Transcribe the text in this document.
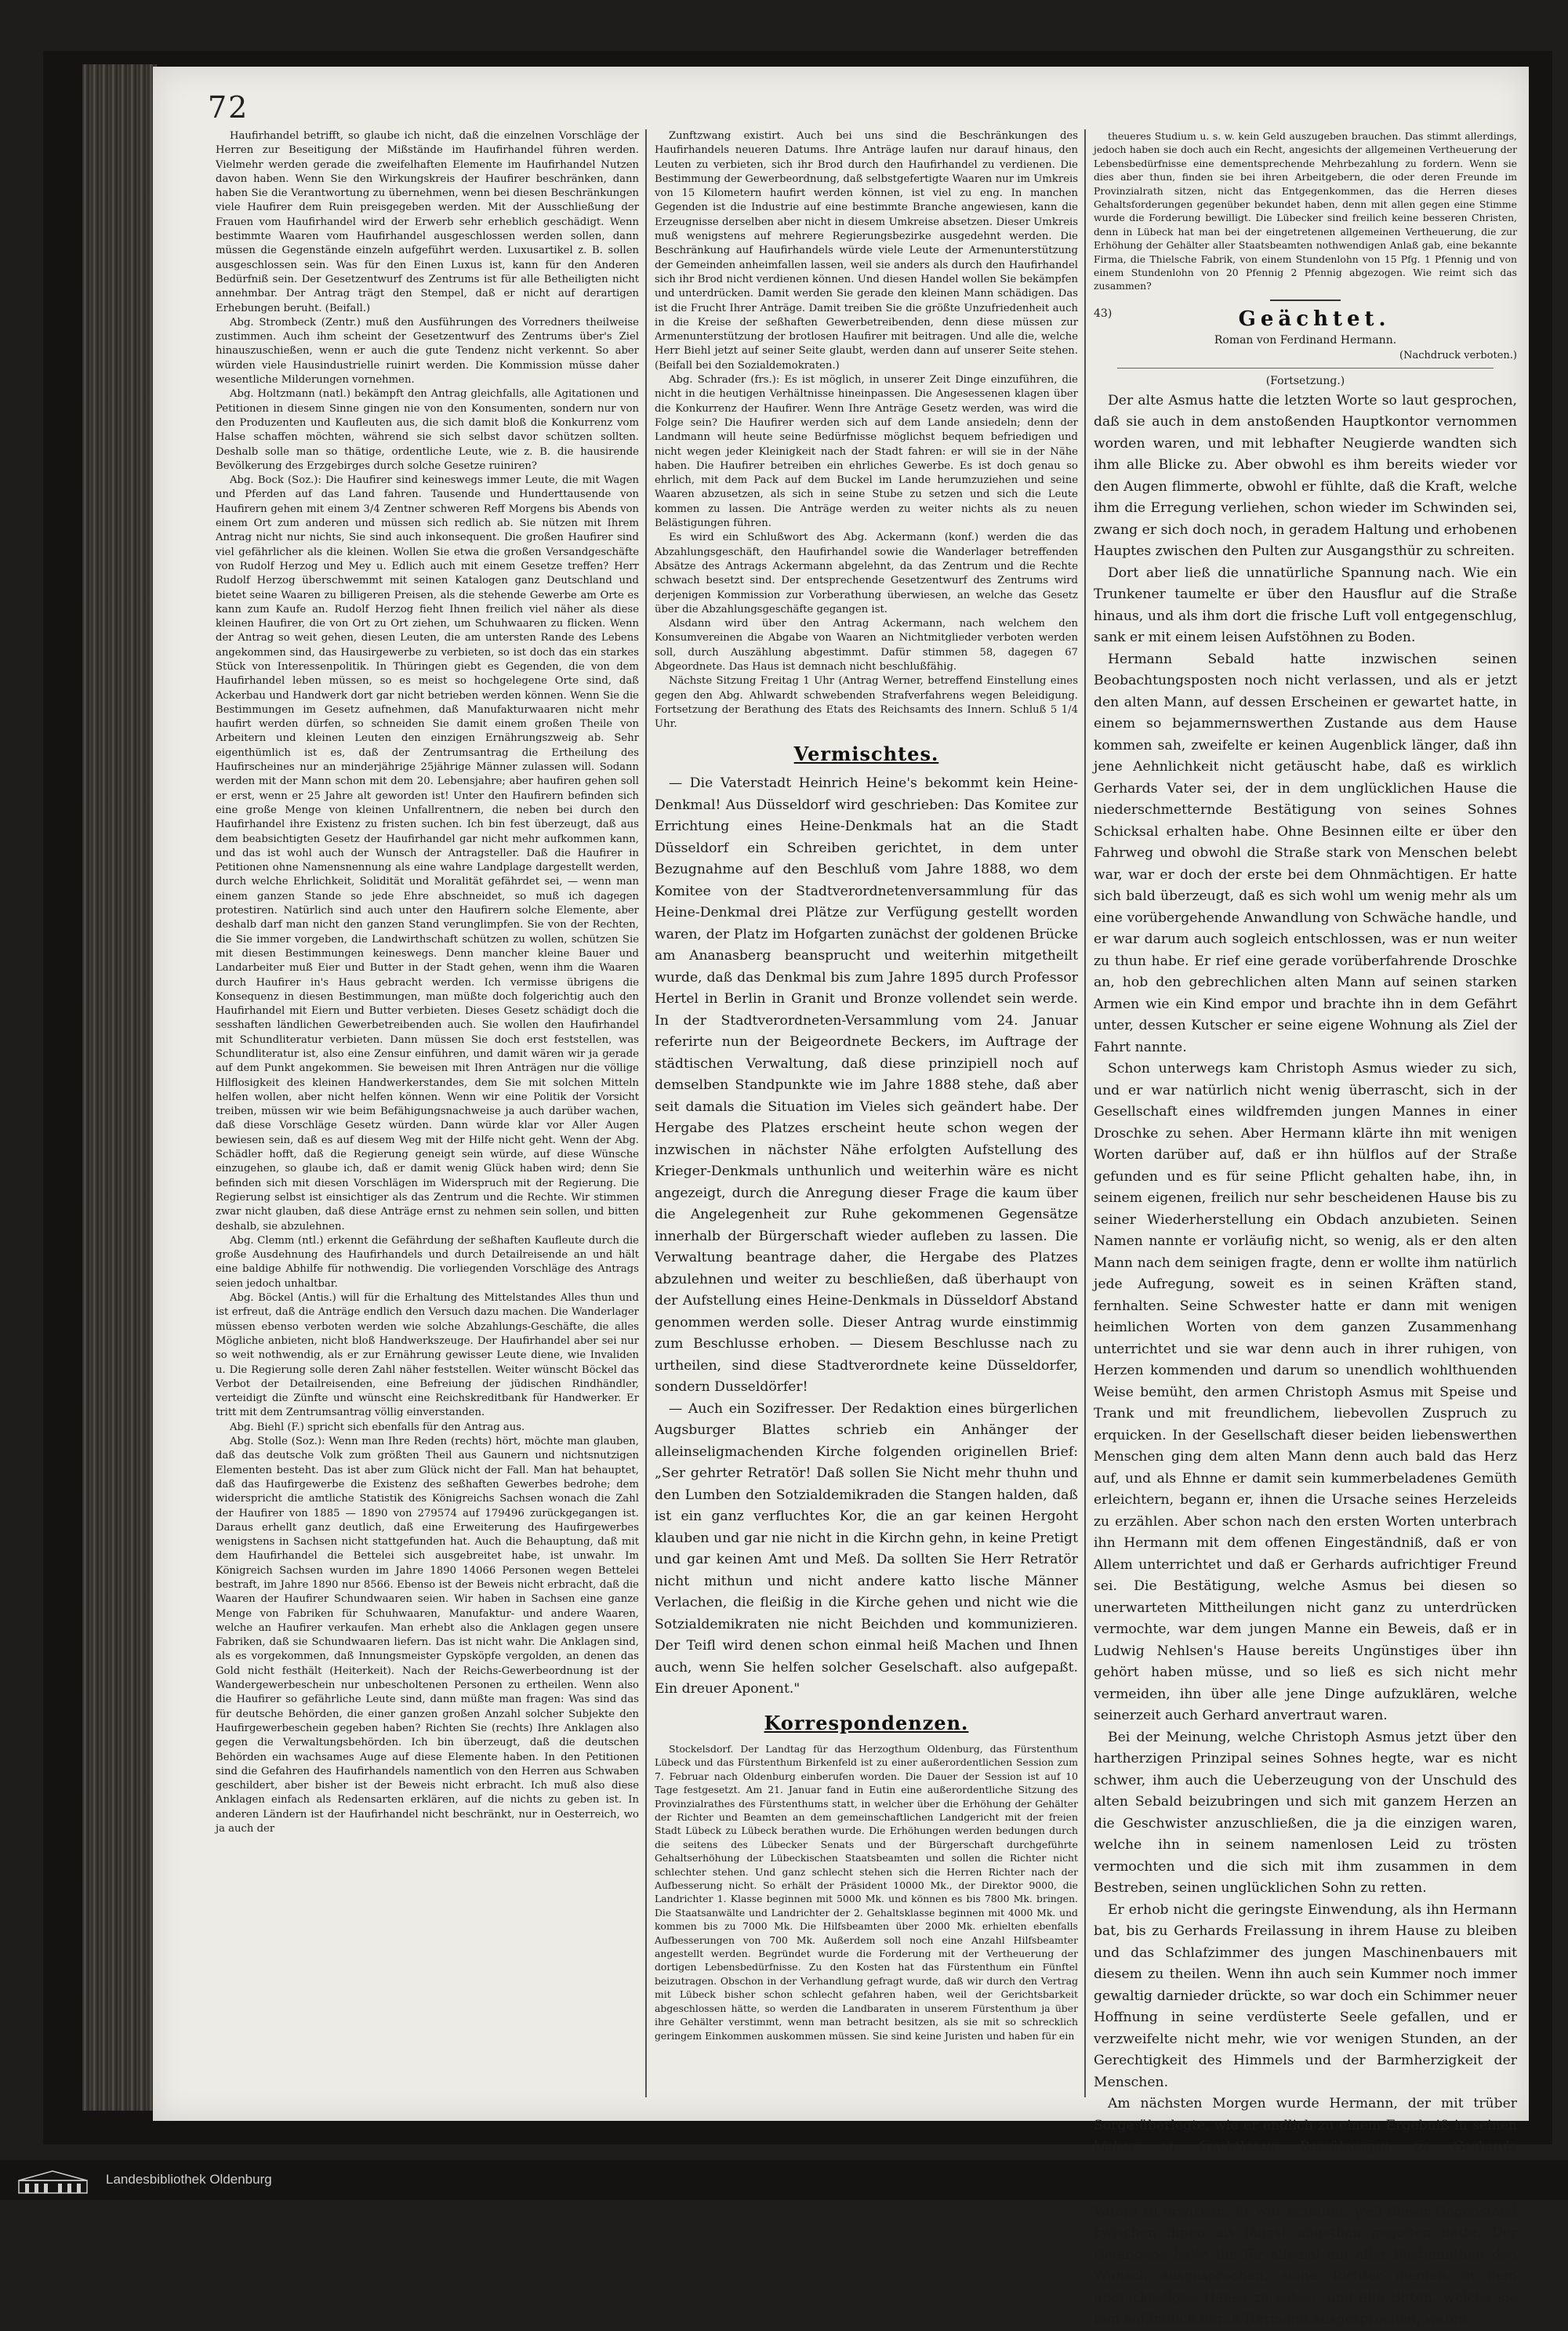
72

Haufirhandel betrifft, so glaube ich nicht, daß die einzelnen Vorschläge der Herren zur Beseitigung der Mißstände im Haufirhandel führen werden. Vielmehr werden gerade die zweifelhaften Elemente im Haufirhandel Nutzen davon haben. Wenn Sie den Wirkungskreis der Haufirer beschränken, dann haben Sie die Verantwortung zu übernehmen, wenn bei diesen Beschränkungen viele Haufirer dem Ruin preisgegeben werden. Mit der Ausschließung der Frauen vom Haufirhandel wird der Erwerb sehr erheblich geschädigt. Wenn bestimmte Waaren vom Haufirhandel ausgeschlossen werden sollen, dann müssen die Gegenstände einzeln aufgeführt werden. Luxusartikel z. B. sollen ausgeschlossen sein. Was für den Einen Luxus ist, kann für den Anderen Bedürfniß sein. Der Gesetzentwurf des Zentrums ist für alle Betheiligten nicht annehmbar. Der Antrag trägt den Stempel, daß er nicht auf derartigen Erhebungen beruht. (Beifall.)

Abg. Strombeck (Zentr.) muß den Ausführungen des Vorredners theilweise zustimmen. Auch ihm scheint der Gesetzentwurf des Zentrums über's Ziel hinauszuschießen, wenn er auch die gute Tendenz nicht verkennt. So aber würden viele Hausindustrielle ruinirt werden. Die Kommission müsse daher wesentliche Milderungen vornehmen.

Abg. Holtzmann (natl.) bekämpft den Antrag gleichfalls, alle Agitationen und Petitionen in diesem Sinne gingen nie von den Konsumenten, sondern nur von den Produzenten und Kaufleuten aus, die sich damit bloß die Konkurrenz vom Halse schaffen möchten, während sie sich selbst davor schützen sollten. Deshalb solle man so thätige, ordentliche Leute, wie z. B. die hausirende Bevölkerung des Erzgebirges durch solche Gesetze ruiniren?

Abg. Bock (Soz.): Die Haufirer sind keineswegs immer Leute, die mit Wagen und Pferden auf das Land fahren. Tausende und Hunderttausende von Haufirern gehen mit einem 3/4 Zentner schweren Reff Morgens bis Abends von einem Ort zum anderen und müssen sich redlich ab. Sie nützen mit Ihrem Antrag nicht nur nichts, Sie sind auch inkonsequent. Die großen Haufirer sind viel gefährlicher als die kleinen. Wollen Sie etwa die großen Versandgeschäfte von Rudolf Herzog und Mey u. Edlich auch mit einem Gesetze treffen? Herr Rudolf Herzog überschwemmt mit seinen Katalogen ganz Deutschland und bietet seine Waaren zu billigeren Preisen, als die stehende Gewerbe am Orte es kann zum Kaufe an. Rudolf Herzog fieht Ihnen freilich viel näher als diese kleinen Haufirer, die von Ort zu Ort ziehen, um Schuhwaaren zu flicken. Wenn der Antrag so weit gehen, diesen Leuten, die am untersten Rande des Lebens angekommen sind, das Hausirgewerbe zu verbieten, so ist doch das ein starkes Stück von Interessenpolitik. In Thüringen giebt es Gegenden, die von dem Haufirhandel leben müssen, so es meist so hochgelegene Orte sind, daß Ackerbau und Handwerk dort gar nicht betrieben werden können. Wenn Sie die Bestimmungen im Gesetz aufnehmen, daß Manufakturwaaren nicht mehr haufirt werden dürfen, so schneiden Sie damit einem großen Theile von Arbeitern und kleinen Leuten den einzigen Ernährungszweig ab. Sehr eigenthümlich ist es, daß der Zentrumsantrag die Ertheilung des Haufirscheines nur an minderjährige 25jährige Männer zulassen will. Sodann werden mit der Mann schon mit dem 20. Lebensjahre; aber haufiren gehen soll er erst, wenn er 25 Jahre alt geworden ist! Unter den Haufirern befinden sich eine große Menge von kleinen Unfallrentnern, die neben bei durch den Haufirhandel ihre Existenz zu fristen suchen. Ich bin fest überzeugt, daß aus dem beabsichtigten Gesetz der Haufirhandel gar nicht mehr aufkommen kann, und das ist wohl auch der Wunsch der Antragsteller. Daß die Haufirer in Petitionen ohne Namensnennung als eine wahre Landplage dargestellt werden, durch welche Ehrlichkeit, Solidität und Moralität gefährdet sei, — wenn man einem ganzen Stande so jede Ehre abschneidet, so muß ich dagegen protestiren. Natürlich sind auch unter den Haufirern solche Elemente, aber deshalb darf man nicht den ganzen Stand verunglimpfen. Sie von der Rechten, die Sie immer vorgeben, die Landwirthschaft schützen zu wollen, schützen Sie mit diesen Bestimmungen keineswegs. Denn mancher kleine Bauer und Landarbeiter muß Eier und Butter in der Stadt gehen, wenn ihm die Waaren durch Haufirer in's Haus gebracht werden. Ich vermisse übrigens die Konsequenz in diesen Bestimmungen, man müßte doch folgerichtig auch den Haufirhandel mit Eiern und Butter verbieten. Dieses Gesetz schädigt doch die sesshaften ländlichen Gewerbetreibenden auch. Sie wollen den Haufirhandel mit Schundliteratur verbieten. Dann müssen Sie doch erst feststellen, was Schundliteratur ist, also eine Zensur einführen, und damit wären wir ja gerade auf dem Punkt angekommen. Sie beweisen mit Ihren Anträgen nur die völlige Hilflosigkeit des kleinen Handwerkerstandes, dem Sie mit solchen Mitteln helfen wollen, aber nicht helfen können. Wenn wir eine Politik der Vorsicht treiben, müssen wir wie beim Befähigungsnachweise ja auch darüber wachen, daß diese Vorschläge Gesetz würden. Dann würde klar vor Aller Augen bewiesen sein, daß es auf diesem Weg mit der Hilfe nicht geht. Wenn der Abg. Schädler hofft, daß die Regierung geneigt sein würde, auf diese Wünsche einzugehen, so glaube ich, daß er damit wenig Glück haben wird; denn Sie befinden sich mit diesen Vorschlägen im Widerspruch mit der Regierung. Die Regierung selbst ist einsichtiger als das Zentrum und die Rechte. Wir stimmen zwar nicht glauben, daß diese Anträge ernst zu nehmen sein sollen, und bitten deshalb, sie abzulehnen.

Abg. Clemm (ntl.) erkennt die Gefährdung der seßhaften Kaufleute durch die große Ausdehnung des Haufirhandels und durch Detailreisende an und hält eine baldige Abhilfe für nothwendig. Die vorliegenden Vorschläge des Antrags seien jedoch unhaltbar.

Abg. Böckel (Antis.) will für die Erhaltung des Mittelstandes Alles thun und ist erfreut, daß die Anträge endlich den Versuch dazu machen. Die Wanderlager müssen ebenso verboten werden wie solche Abzahlungs-Geschäfte, die alles Mögliche anbieten, nicht bloß Handwerkszeuge. Der Haufirhandel aber sei nur so weit nothwendig, als er zur Ernährung gewisser Leute diene, wie Invaliden u. Die Regierung solle deren Zahl näher feststellen. Weiter wünscht Böckel das Verbot der Detailreisenden, eine Befreiung der jüdischen Rindhändler, verteidigt die Zünfte und wünscht eine Reichskreditbank für Handwerker. Er tritt mit dem Zentrumsantrag völlig einverstanden.

Abg. Biehl (F.) spricht sich ebenfalls für den Antrag aus.

Abg. Stolle (Soz.): Wenn man Ihre Reden (rechts) hört, möchte man glauben, daß das deutsche Volk zum größten Theil aus Gaunern und nichtsnutzigen Elementen besteht. Das ist aber zum Glück nicht der Fall. Man hat behauptet, daß das Haufirgewerbe die Existenz des seßhaften Gewerbes bedrohe; dem widerspricht die amtliche Statistik des Königreichs Sachsen wonach die Zahl der Haufirer von 1885 — 1890 von 279574 auf 179496 zurückgegangen ist. Daraus erhellt ganz deutlich, daß eine Erweiterung des Haufirgewerbes wenigstens in Sachsen nicht stattgefunden hat. Auch die Behauptung, daß mit dem Haufirhandel die Bettelei sich ausgebreitet habe, ist unwahr. Im Königreich Sachsen wurden im Jahre 1890 14066 Personen wegen Bettelei bestraft, im Jahre 1890 nur 8566. Ebenso ist der Beweis nicht erbracht, daß die Waaren der Haufirer Schundwaaren seien. Wir haben in Sachsen eine ganze Menge von Fabriken für Schuhwaaren, Manufaktur- und andere Waaren, welche an Haufirer verkaufen. Man erhebt also die Anklagen gegen unsere Fabriken, daß sie Schundwaaren liefern. Das ist nicht wahr. Die Anklagen sind, als es vorgekommen, daß Innungsmeister Gypsköpfe vergolden, an denen das Gold nicht festhält (Heiterkeit). Nach der Reichs-Gewerbeordnung ist der Wandergewerbeschein nur unbescholtenen Personen zu ertheilen. Wenn also die Haufirer so gefährliche Leute sind, dann müßte man fragen: Was sind das für deutsche Behörden, die einer ganzen großen Anzahl solcher Subjekte den Haufirgewerbeschein gegeben haben? Richten Sie (rechts) Ihre Anklagen also gegen die Verwaltungsbehörden. Ich bin überzeugt, daß die deutschen Behörden ein wachsames Auge auf diese Elemente haben. In den Petitionen sind die Gefahren des Haufirhandels namentlich von den Herren aus Schwaben geschildert, aber bisher ist der Beweis nicht erbracht. Ich muß also diese Anklagen einfach als Redensarten erklären, auf die nichts zu geben ist. In anderen Ländern ist der Haufirhandel nicht beschränkt, nur in Oesterreich, wo ja auch der

Zunftzwang existirt. Auch bei uns sind die Beschränkungen des Haufirhandels neueren Datums. Ihre Anträge laufen nur darauf hinaus, den Leuten zu verbieten, sich ihr Brod durch den Haufirhandel zu verdienen. Die Bestimmung der Gewerbeordnung, daß selbstgefertigte Waaren nur im Umkreis von 15 Kilometern haufirt werden können, ist viel zu eng. In manchen Gegenden ist die Industrie auf eine bestimmte Branche angewiesen, kann die Erzeugnisse derselben aber nicht in diesem Umkreise absetzen. Dieser Umkreis muß wenigstens auf mehrere Regierungsbezirke ausgedehnt werden. Die Beschränkung auf Haufirhandels würde viele Leute der Armenunterstützung der Gemeinden anheimfallen lassen, weil sie anders als durch den Haufirhandel sich ihr Brod nicht verdienen können. Und diesen Handel wollen Sie bekämpfen und unterdrücken. Damit werden Sie gerade den kleinen Mann schädigen. Das ist die Frucht Ihrer Anträge. Damit treiben Sie die größte Unzufriedenheit auch in die Kreise der seßhaften Gewerbetreibenden, denn diese müssen zur Armenunterstützung der brotlosen Haufirer mit beitragen. Und alle die, welche Herr Biehl jetzt auf seiner Seite glaubt, werden dann auf unserer Seite stehen. (Beifall bei den Sozialdemokraten.)

Abg. Schrader (frs.): Es ist möglich, in unserer Zeit Dinge einzuführen, die nicht in die heutigen Verhältnisse hineinpassen. Die Angesessenen klagen über die Konkurrenz der Haufirer. Wenn Ihre Anträge Gesetz werden, was wird die Folge sein? Die Haufirer werden sich auf dem Lande ansiedeln; denn der Landmann will heute seine Bedürfnisse möglichst bequem befriedigen und nicht wegen jeder Kleinigkeit nach der Stadt fahren: er will sie in der Nähe haben. Die Haufirer betreiben ein ehrliches Gewerbe. Es ist doch genau so ehrlich, mit dem Pack auf dem Buckel im Lande herumzuziehen und seine Waaren abzusetzen, als sich in seine Stube zu setzen und sich die Leute kommen zu lassen. Die Anträge werden zu weiter nichts als zu neuen Belästigungen führen.

Es wird ein Schlußwort des Abg. Ackermann (konf.) werden die das Abzahlungsgeschäft, den Haufirhandel sowie die Wanderlager betreffenden Absätze des Antrags Ackermann abgelehnt, da das Zentrum und die Rechte schwach besetzt sind. Der entsprechende Gesetzentwurf des Zentrums wird derjenigen Kommission zur Vorberathung überwiesen, an welche das Gesetz über die Abzahlungsgeschäfte gegangen ist.

Alsdann wird über den Antrag Ackermann, nach welchem den Konsumvereinen die Abgabe von Waaren an Nichtmitglieder verboten werden soll, durch Auszählung abgestimmt. Dafür stimmen 58, dagegen 67 Abgeordnete. Das Haus ist demnach nicht beschlußfähig.

Nächste Sitzung Freitag 1 Uhr (Antrag Werner, betreffend Einstellung eines gegen den Abg. Ahlwardt schwebenden Strafverfahrens wegen Beleidigung. Fortsetzung der Berathung des Etats des Reichsamts des Innern. Schluß 5 1/4 Uhr.

Vermischtes.

— Die Vaterstadt Heinrich Heine's bekommt kein Heine-Denkmal! Aus Düsseldorf wird geschrieben: Das Komitee zur Errichtung eines Heine-Denkmals hat an die Stadt Düsseldorf ein Schreiben gerichtet, in dem unter Bezugnahme auf den Beschluß vom Jahre 1888, wo dem Komitee von der Stadtverordnetenversammlung für das Heine-Denkmal drei Plätze zur Verfügung gestellt worden waren, der Platz im Hofgarten zunächst der goldenen Brücke am Ananasberg beansprucht und weiterhin mitgetheilt wurde, daß das Denkmal bis zum Jahre 1895 durch Professor Hertel in Berlin in Granit und Bronze vollendet sein werde. In der Stadtverordneten-Versammlung vom 24. Januar referirte nun der Beigeordnete Beckers, im Auftrage der städtischen Verwaltung, daß diese prinzipiell noch auf demselben Standpunkte wie im Jahre 1888 stehe, daß aber seit damals die Situation im Vieles sich geändert habe. Der Hergabe des Platzes erscheint heute schon wegen der inzwischen in nächster Nähe erfolgten Aufstellung des Krieger-Denkmals unthunlich und weiterhin wäre es nicht angezeigt, durch die Anregung dieser Frage die kaum über die Angelegenheit zur Ruhe gekommenen Gegensätze innerhalb der Bürgerschaft wieder aufleben zu lassen. Die Verwaltung beantrage daher, die Hergabe des Platzes abzulehnen und weiter zu beschließen, daß überhaupt von der Aufstellung eines Heine-Denkmals in Düsseldorf Abstand genommen werden solle. Dieser Antrag wurde einstimmig zum Beschlusse erhoben. — Diesem Beschlusse nach zu urtheilen, sind diese Stadtverordnete keine Düsseldorfer, sondern Dusseldörfer!

— Auch ein Sozifresser. Der Redaktion eines bürgerlichen Augsburger Blattes schrieb ein Anhänger der alleinseligmachenden Kirche folgenden originellen Brief: „Ser gehrter Retratör! Daß sollen Sie Nicht mehr thuhn und den Lumben den Sotzialdemikraden die Stangen halden, daß ist ein ganz verfluchtes Kor, die an gar keinen Hergoht klauben und gar nie nicht in die Kirchn gehn, in keine Pretigt und gar keinen Amt und Meß. Da sollten Sie Herr Retratör nicht mithun und nicht andere katto lische Männer Verlachen, die fleißig in die Kirche gehen und nicht wie die Sotzialdemikraten nie nicht Beichden und kommunizieren. Der Teifl wird denen schon einmal heiß Machen und Ihnen auch, wenn Sie helfen solcher Geselschaft. also aufgepaßt. Ein dreuer Aponent."

Korrespondenzen.

Stockelsdorf. Der Landtag für das Herzogthum Oldenburg, das Fürstenthum Lübeck und das Fürstenthum Birkenfeld ist zu einer außerordentlichen Session zum 7. Februar nach Oldenburg einberufen worden. Die Dauer der Session ist auf 10 Tage festgesetzt. Am 21. Januar fand in Eutin eine außerordentliche Sitzung des Provinzialrathes des Fürstenthums statt, in welcher über die Erhöhung der Gehälter der Richter und Beamten an dem gemeinschaftlichen Landgericht mit der freien Stadt Lübeck zu Lübeck berathen wurde. Die Erhöhungen werden bedungen durch die seitens des Lübecker Senats und der Bürgerschaft durchgeführte Gehaltserhöhung der Lübeckischen Staatsbeamten und sollen die Richter nicht schlechter stehen. Und ganz schlecht stehen sich die Herren Richter nach der Aufbesserung nicht. So erhält der Präsident 10000 Mk., der Direktor 9000, die Landrichter 1. Klasse beginnen mit 5000 Mk. und können es bis 7800 Mk. bringen. Die Staatsanwälte und Landrichter der 2. Gehaltsklasse beginnen mit 4000 Mk. und kommen bis zu 7000 Mk. Die Hilfsbeamten über 2000 Mk. erhielten ebenfalls Aufbesserungen von 700 Mk. Außerdem soll noch eine Anzahl Hilfsbeamter angestellt werden. Begründet wurde die Forderung mit der Vertheuerung der dortigen Lebensbedürfnisse. Zu den Kosten hat das Fürstenthum ein Fünftel beizutragen. Obschon in der Verhandlung gefragt wurde, daß wir durch den Vertrag mit Lübeck bisher schon schlecht gefahren haben, weil der Gerichtsbarkeit abgeschlossen hätte, so werden die Landbaraten in unserem Fürstenthum ja über ihre Gehälter verstimmt, wenn man betracht besitzen, als sie mit so schrecklich geringem Einkommen auskommen müssen. Sie sind keine Juristen und haben für ein

theueres Studium u. s. w. kein Geld auszugeben brauchen. Das stimmt allerdings, jedoch haben sie doch auch ein Recht, angesichts der allgemeinen Vertheuerung der Lebensbedürfnisse eine dementsprechende Mehrbezahlung zu fordern. Wenn sie dies aber thun, finden sie bei ihren Arbeitgebern, die oder deren Freunde im Provinzialrath sitzen, nicht das Entgegenkommen, das die Herren dieses Gehaltsforderungen gegenüber bekundet haben, denn mit allen gegen eine Stimme wurde die Forderung bewilligt. Die Lübecker sind freilich keine besseren Christen, denn in Lübeck hat man bei der eingetretenen allgemeinen Vertheuerung, die zur Erhöhung der Gehälter aller Staatsbeamten nothwendigen Anlaß gab, eine bekannte Firma, die Thielsche Fabrik, von einem Stundenlohn von 15 Pfg. 1 Pfennig und von einem Stundenlohn von 20 Pfennig 2 Pfennig abgezogen. Wie reimt sich das zusammen?

43)	Geächtet.
Roman von Ferdinand Hermann.
(Nachdruck verboten.)
(Fortsetzung.)

Der alte Asmus hatte die letzten Worte so laut gesprochen, daß sie auch in dem anstoßenden Hauptkontor vernommen worden waren, und mit lebhafter Neugierde wandten sich ihm alle Blicke zu. Aber obwohl es ihm bereits wieder vor den Augen flimmerte, obwohl er fühlte, daß die Kraft, welche ihm die Erregung verliehen, schon wieder im Schwinden sei, zwang er sich doch noch, in geradem Haltung und erhobenen Hauptes zwischen den Pulten zur Ausgangsthür zu schreiten.

Dort aber ließ die unnatürliche Spannung nach. Wie ein Trunkener taumelte er über den Hausflur auf die Straße hinaus, und als ihm dort die frische Luft voll entgegenschlug, sank er mit einem leisen Aufstöhnen zu Boden.

Hermann Sebald hatte inzwischen seinen Beobachtungsposten noch nicht verlassen, und als er jetzt den alten Mann, auf dessen Erscheinen er gewartet hatte, in einem so bejammernswerthen Zustande aus dem Hause kommen sah, zweifelte er keinen Augenblick länger, daß ihn jene Aehnlichkeit nicht getäuscht habe, daß es wirklich Gerhards Vater sei, der in dem unglücklichen Hause die niederschmetternde Bestätigung von seines Sohnes Schicksal erhalten habe. Ohne Besinnen eilte er über den Fahrweg und obwohl die Straße stark von Menschen belebt war, war er doch der erste bei dem Ohnmächtigen. Er hatte sich bald überzeugt, daß es sich wohl um wenig mehr als um eine vorübergehende Anwandlung von Schwäche handle, und er war darum auch sogleich entschlossen, was er nun weiter zu thun habe. Er rief eine gerade vorüberfahrende Droschke an, hob den gebrechlichen alten Mann auf seinen starken Armen wie ein Kind empor und brachte ihn in dem Gefährt unter, dessen Kutscher er seine eigene Wohnung als Ziel der Fahrt nannte.

Schon unterwegs kam Christoph Asmus wieder zu sich, und er war natürlich nicht wenig überrascht, sich in der Gesellschaft eines wildfremden jungen Mannes in einer Droschke zu sehen. Aber Hermann klärte ihn mit wenigen Worten darüber auf, daß er ihn hülflos auf der Straße gefunden und es für seine Pflicht gehalten habe, ihn, in seinem eigenen, freilich nur sehr bescheidenen Hause bis zu seiner Wiederherstellung ein Obdach anzubieten. Seinen Namen nannte er vorläufig nicht, so wenig, als er den alten Mann nach dem seinigen fragte, denn er wollte ihm natürlich jede Aufregung, soweit es in seinen Kräften stand, fernhalten. Seine Schwester hatte er dann mit wenigen heimlichen Worten von dem ganzen Zusammenhang unterrichtet und sie war denn auch in ihrer ruhigen, von Herzen kommenden und darum so unendlich wohlthuenden Weise bemüht, den armen Christoph Asmus mit Speise und Trank und mit freundlichem, liebevollen Zuspruch zu erquicken. In der Gesellschaft dieser beiden liebenswerthen Menschen ging dem alten Mann denn auch bald das Herz auf, und als Ehnne er damit sein kummerbeladenes Gemüth erleichtern, begann er, ihnen die Ursache seines Herzeleids zu erzählen. Aber schon nach den ersten Worten unterbrach ihn Hermann mit dem offenen Eingeständniß, daß er von Allem unterrichtet und daß er Gerhards aufrichtiger Freund sei. Die Bestätigung, welche Asmus bei diesen so unerwarteten Mittheilungen nicht ganz zu unterdrücken vermochte, war dem jungen Manne ein Beweis, daß er in Ludwig Nehlsen's Hause bereits Ungünstiges über ihn gehört haben müsse, und so ließ es sich nicht mehr vermeiden, ihn über alle jene Dinge aufzuklären, welche seinerzeit auch Gerhard anvertraut waren.

Bei der Meinung, welche Christoph Asmus jetzt über den hartherzigen Prinzipal seines Sohnes hegte, war es nicht schwer, ihm auch die Ueberzeugung von der Unschuld des alten Sebald beizubringen und sich mit ganzem Herzen an die Geschwister anzuschließen, die ja die einzigen waren, welche ihn in seinem namenlosen Leid zu trösten vermochten und die sich mit ihm zusammen in dem Bestreben, seinen unglücklichen Sohn zu retten.

Er erhob nicht die geringste Einwendung, als ihn Hermann bat, bis zu Gerhards Freilassung in ihrem Hause zu bleiben und das Schlafzimmer des jungen Maschinenbauers mit diesem zu theilen. Wenn ihn auch sein Kummer noch immer gewaltig darnieder drückte, so war doch ein Schimmer neuer Hoffnung in seine verdüsterte Seele gefallen, und er verzweifelte nicht mehr, wie vor wenigen Stunden, an der Gerechtigkeit des Himmels und der Barmherzigkeit der Menschen.

Am nächsten Morgen wurde Hermann, der mit trüber Sorge überlegte, wie er endlich zu einem Ergebniß in seinen bisher so fruchtlosen Bemühungen zu Gerhards Vaters zu erwirken. Er war erstaunt, weil dieser Gegenstand zwischen ihnen als längst abgethan gegolten hatte. Der Gefangene hatte ihn für allemal mit aller Bestimmtheit den Wunsch ausgesprochen, seine Tochter niemals in dem unglückseligen Hause zu sehen, und alle Bitten, welche sie ihm anfänglich durch Hermann ausgesprochen, waren

Landesbibliothek Oldenburg
